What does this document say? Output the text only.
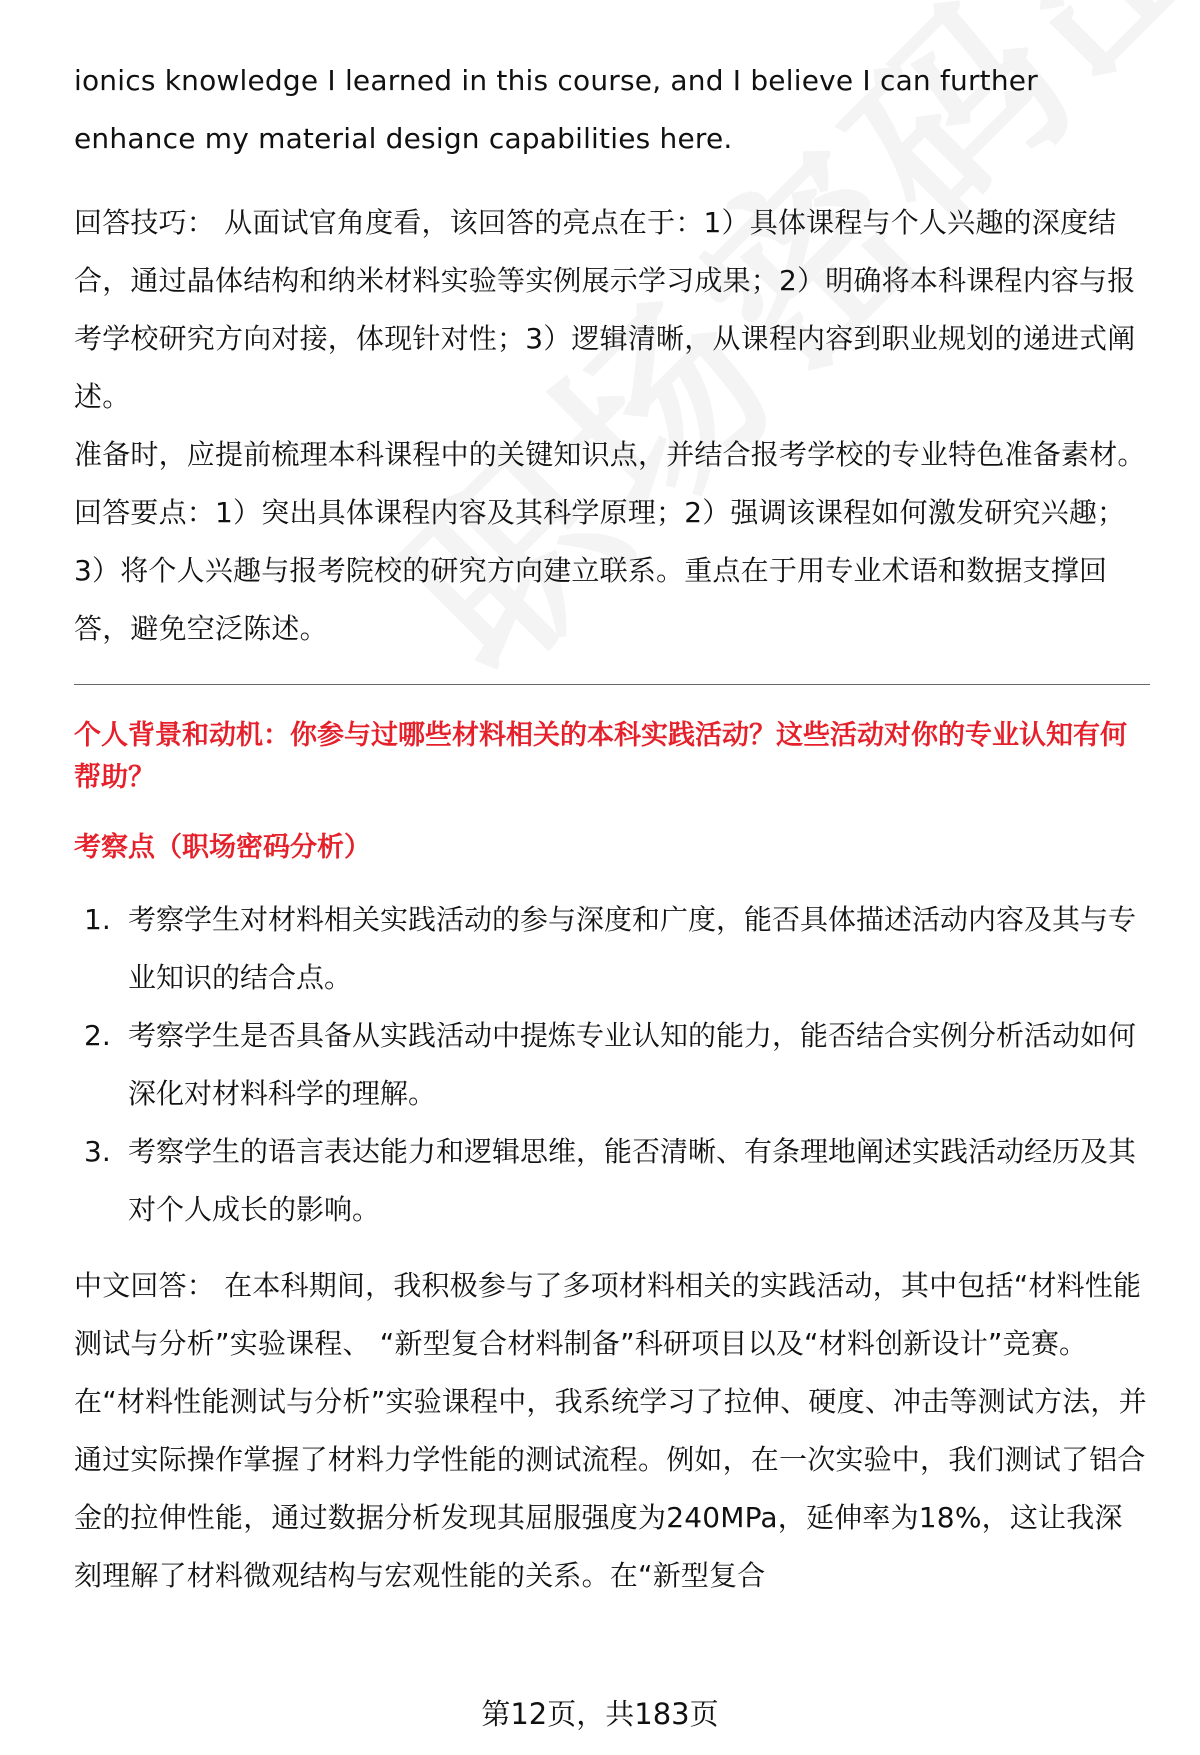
ionics knowledge I learned in this course, and I believe I can further

enhance my material design capabilities here.

回答技巧： 从面试官角度看，该回答的亮点在于：1）具体课程与个人兴趣的深度结合，通过晶体结构和纳米材料实验等实例展示学习成果；2）明确将本科课程内容与报考学校研究方向对接，体现针对性；3）逻辑清晰，从课程内容到职业规划的递进式阐述。

准备时，应提前梳理本科课程中的关键知识点，并结合报考学校的专业特色准备素材。回答要点：1）突出具体课程内容及其科学原理；2）强调该课程如何激发研究兴趣；3）将个人兴趣与报考院校的研究方向建立联系。重点在于用专业术语和数据支撑回答，避免空泛陈述。

个人背景和动机：你参与过哪些材料相关的本科实践活动？这些活动对你的专业认知有何帮助？

考察点（职场密码分析）

1. 考察学生对材料相关实践活动的参与深度和广度，能否具体描述活动内容及其与专业知识的结合点。
2. 考察学生是否具备从实践活动中提炼专业认知的能力，能否结合实例分析活动如何深化对材料科学的理解。
3. 考察学生的语言表达能力和逻辑思维，能否清晰、有条理地阐述实践活动经历及其对个人成长的影响。

中文回答： 在本科期间，我积极参与了多项材料相关的实践活动，其中包括“材料性能测试与分析”实验课程、 “新型复合材料制备”科研项目以及“材料创新设计”竞赛。在“材料性能测试与分析”实验课程中，我系统学习了拉伸、硬度、冲击等测试方法，并通过实际操作掌握了材料力学性能的测试流程。例如，在一次实验中，我们测试了铝合金的拉伸性能，通过数据分析发现其屈服强度为240MPa，延伸率为18%，这让我深刻理解了材料微观结构与宏观性能的关系。在“新型复合

第12页，共183页
